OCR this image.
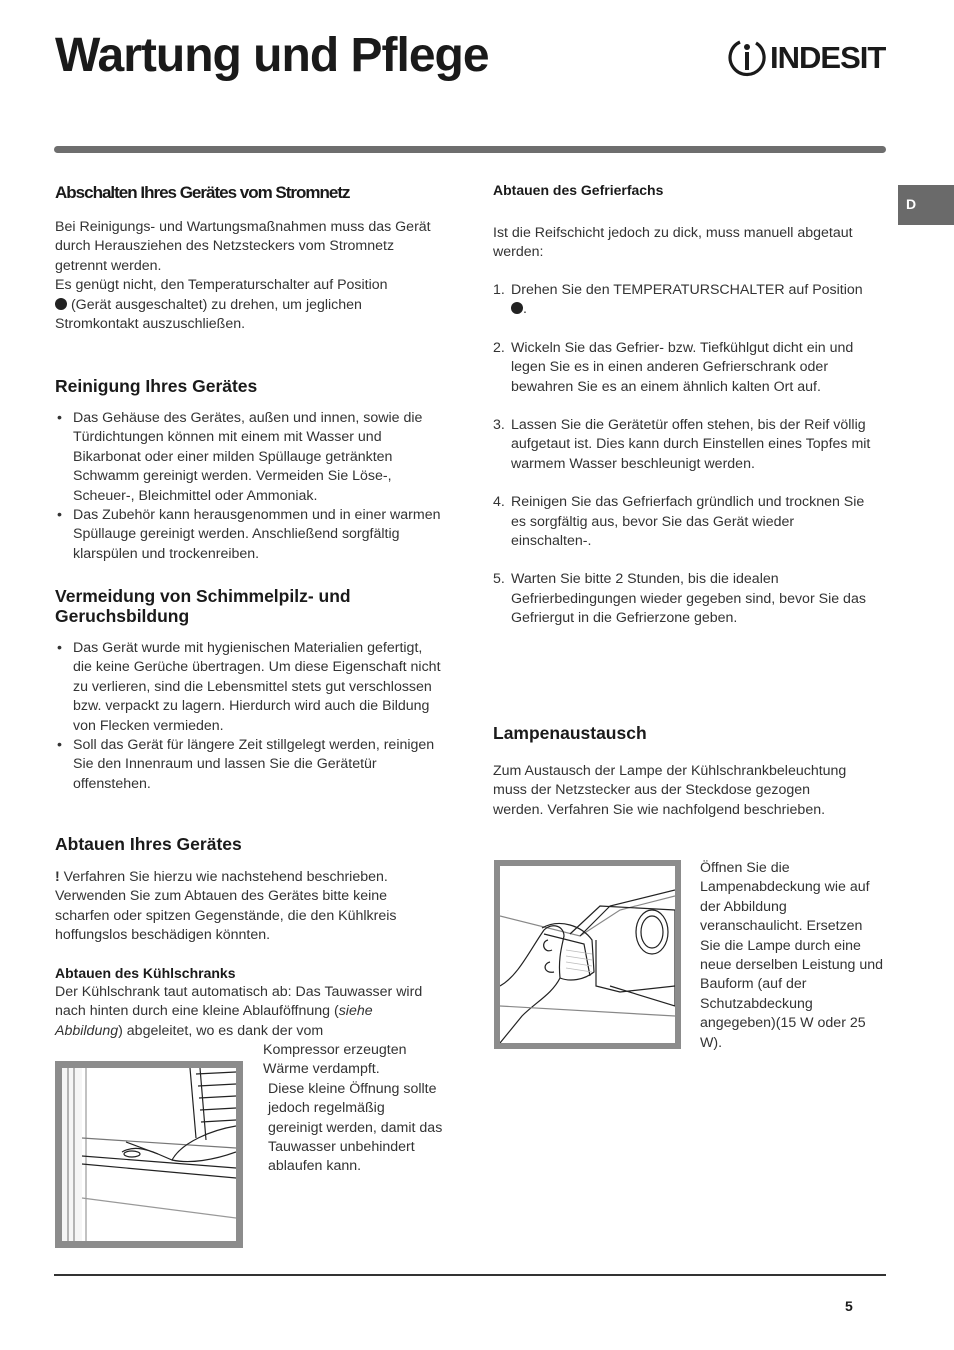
Wartung und Pflege	INDESIT
D
Abschalten Ihres Gerätes vom Stromnetz
Bei Reinigungs- und Wartungsmaßnahmen muss das Gerät durch Herausziehen des Netzsteckers vom Stromnetz getrennt werden.
Es genügt nicht, den Temperaturschalter auf Position
(Gerät ausgeschaltet) zu drehen, um jeglichen Stromkontakt auszuschließen.
Reinigung Ihres Gerätes
• Das Gehäuse des Gerätes, außen und innen, sowie die Türdichtungen können mit einem mit Wasser und Bikarbonat oder einer milden Spüllauge getränkten Schwamm gereinigt werden. Vermeiden Sie Löse-, Scheuer-, Bleichmittel oder Ammoniak.
• Das Zubehör kann herausgenommen und in einer warmen Spüllauge gereinigt werden. Anschließend sorgfältig klarspülen und trockenreiben.
Vermeidung von Schimmelpilz- und
Geruchsbildung
• Das Gerät wurde mit hygienischen Materialien gefertigt, die keine Gerüche übertragen. Um diese Eigenschaft nicht zu verlieren, sind die Lebensmittel stets gut verschlossen bzw. verpackt zu lagern. Hierdurch wird auch die Bildung von Flecken vermieden.
• Soll das Gerät für längere Zeit stillgelegt werden, reinigen Sie den Innenraum und lassen Sie die Gerätetür offenstehen.
Abtauen Ihres Gerätes
! Verfahren Sie hierzu wie nachstehend beschrieben. Verwenden Sie zum Abtauen des Gerätes bitte keine scharfen oder spitzen Gegenstände, die den Kühlkreis hoffungslos beschädigen könnten.
Abtauen des Kühlschranks
Der Kühlschrank taut automatisch ab: Das Tauwasser wird nach hinten durch eine kleine Ablauföffnung (siehe Abbildung) abgeleitet, wo es dank der vom
Kompressor erzeugten Wärme verdampft.
Diese kleine Öffnung sollte jedoch regelmäßig gereinigt werden, damit das Tauwasser unbehindert ablaufen kann.
Abtauen des Gefrierfachs
Ist die Reifschicht jedoch zu dick, muss manuell abgetaut werden:
1. Drehen Sie den TEMPERATURSCHALTER auf Position .
2. Wickeln Sie das Gefrier- bzw. Tiefkühlgut dicht ein und legen Sie es in einen anderen Gefrierschrank oder bewahren Sie es an einem ähnlich kalten Ort auf.
3. Lassen Sie die Gerätetür offen stehen, bis der Reif völlig aufgetaut ist. Dies kann durch Einstellen eines Topfes mit warmem Wasser beschleunigt werden.
4. Reinigen Sie das Gefrierfach gründlich und trocknen Sie es sorgfältig aus, bevor Sie das Gerät wieder einschalten-.
5. Warten Sie bitte 2 Stunden, bis die idealen Gefrierbedingungen wieder gegeben sind, bevor Sie das Gefriergut in die Gefrierzone geben.
Lampenaustausch
Zum Austausch der Lampe der Kühlschrankbeleuchtung muss der Netzstecker aus der Steckdose gezogen werden. Verfahren Sie wie nachfolgend beschrieben.
Öffnen Sie die Lampenabdeckung wie auf der Abbildung veranschaulicht. Ersetzen Sie die Lampe durch eine neue derselben Leistung und Bauform (auf der Schutzabdeckung angegeben)(15 W oder 25 W).
5
